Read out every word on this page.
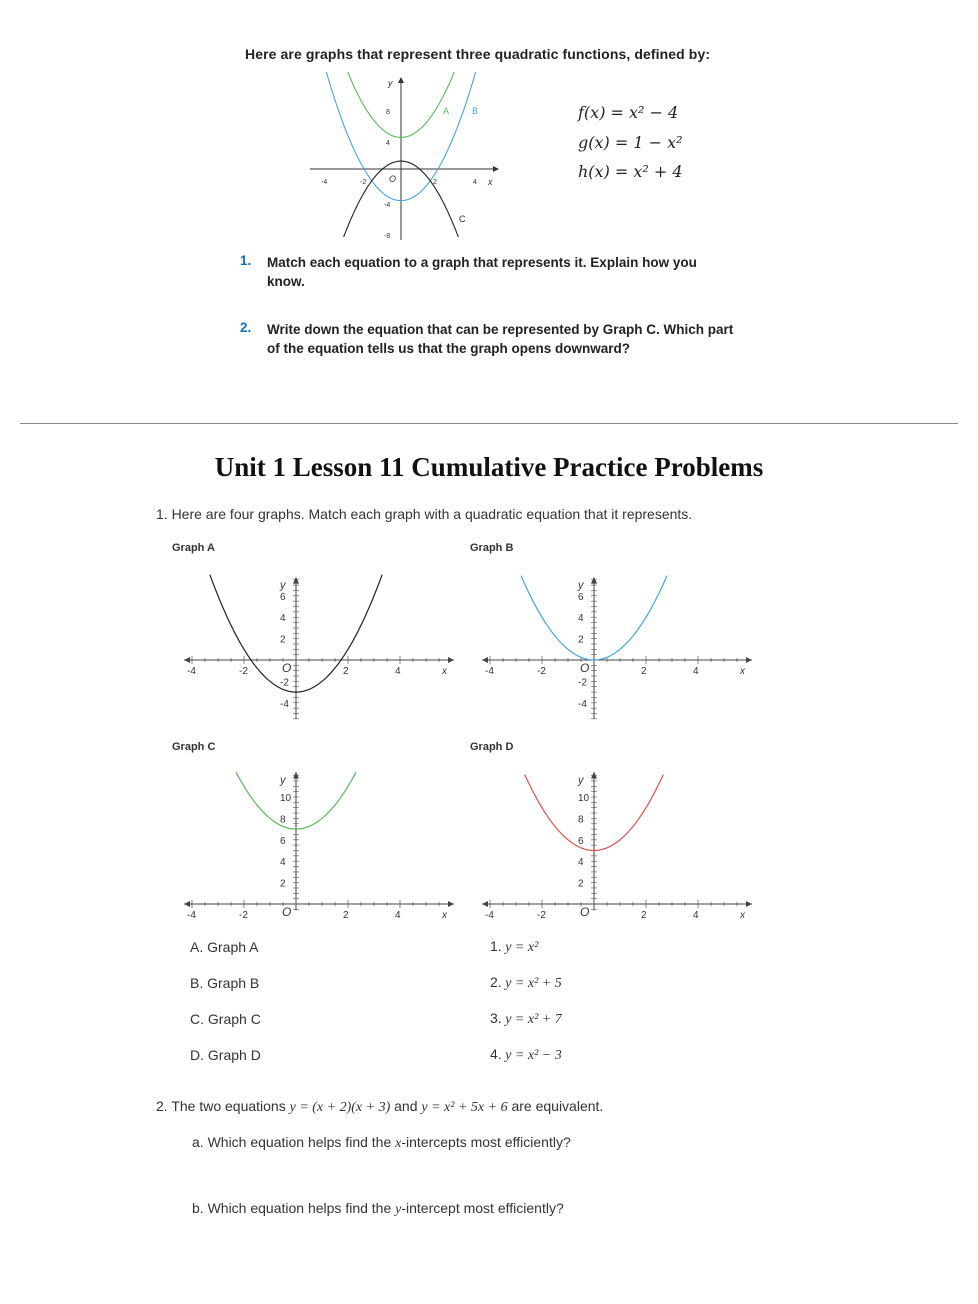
Here are graphs that represent three quadratic functions, defined by:
y
x
O
A	B
C
-4	-2	2	4
8
4
-4
-8
f(x) = x² − 4
g(x) = 1 − x²
h(x) = x² + 4
1. Match each equation to a graph that represents it. Explain how you know.
2. Write down the equation that can be represented by Graph C. Which part of the equation tells us that the graph opens downward?
Unit 1 Lesson 11 Cumulative Practice Problems
1. Here are four graphs. Match each graph with a quadratic equation that it represents.
Graph A	Graph B
Graph C	Graph D
-4	-2	2	4
6
4
2
-2
-4
x
y
O	-4	-2	2	4
6
4
2
-2
-4
x
y
O
-4	-2	2	4
10
8
6
4
2
x
y
O	-4	-2	2	4
10
8
6
4
2
x
y
O
A. Graph A
B. Graph B
C. Graph C
D. Graph D
1. y = x²
2. y = x² + 5
3. y = x² + 7
4. y = x² − 3
2. The two equations y = (x + 2)(x + 3) and y = x² + 5x + 6 are equivalent.
a. Which equation helps find the x-intercepts most efficiently?
b. Which equation helps find the y-intercept most efficiently?
